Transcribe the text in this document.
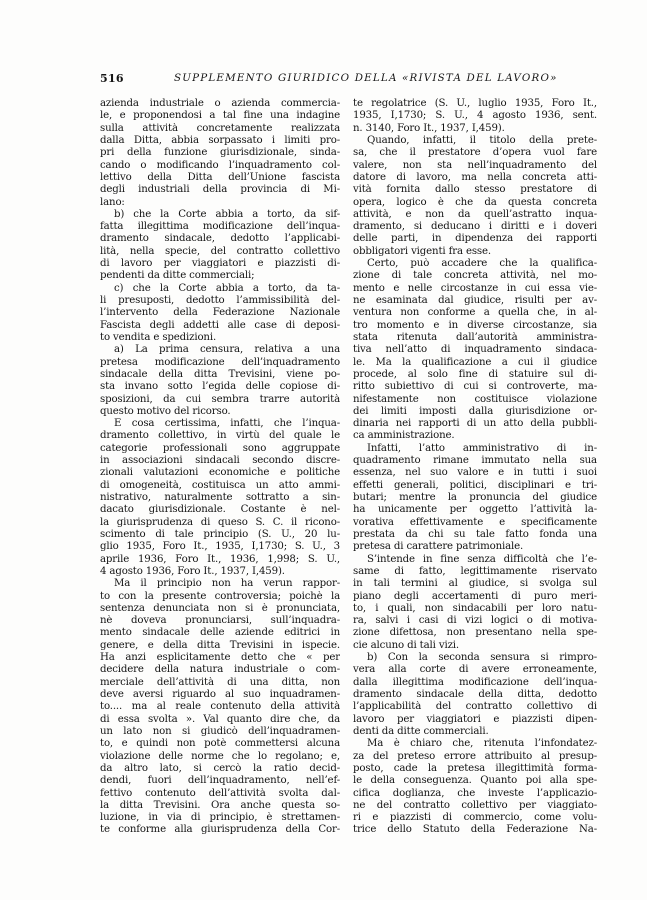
516	SUPPLEMENTO GIURIDICO DELLA «RIVISTA DEL LAVORO»
azienda industriale o azienda commercia-
le, e proponendosi a tal fine una indagine
sulla attività concretamente realizzata
dalla Ditta, abbia sorpassato i limiti pro-
pri della funzione giurisdizionale, sinda-
cando o modificando l’inquadramento col-
lettivo della Ditta dell’Unione fascista
degli industriali della provincia di Mi-
lano:
b) che la Corte abbia a torto, da sif-
fatta illegittima modificazione dell’inqua-
dramento sindacale, dedotto l’applicabi-
lità, nella specie, del contratto collettivo
di lavoro per viaggiatori e piazzisti di-
pendenti da ditte commerciali;
c) che la Corte abbia a torto, da ta-
li presuposti, dedotto l’ammissibilità del-
l’intervento della Federazione Nazionale
Fascista degli addetti alle case di deposi-
to vendita e spedizioni.
a) La prima censura, relativa a una
pretesa modificazione dell’inquadramento
sindacale della ditta Trevisini, viene po-
sta invano sotto l’egida delle copiose di-
sposizioni, da cui sembra trarre autorità
questo motivo del ricorso.
È cosa certissima, infatti, che l’inqua-
dramento collettivo, in virtù del quale le
categorie professionali sono aggruppate
in associazioni sindacali secondo discre-
zionali valutazioni economiche e politiche
di omogeneità, costituisca un atto ammi-
nistrativo, naturalmente sottratto a sin-
dacato giurisdizionale. Costante è nel-
la giurisprudenza di queso S. C. il ricono-
scimento di tale principio (S. U., 20 lu-
glio 1935, Foro It., 1935, I,1730; S. U., 3
aprile 1936, Foro It., 1936, 1,998; S. U.,
4 agosto 1936, Foro It., 1937, I,459).
Ma il principio non ha verun rappor-
to con la presente controversia; poichè la
sentenza denunciata non si è pronunciata,
nè doveva pronunciarsi, sull’inquadra-
mento sindacale delle aziende editrici in
genere, e della ditta Trevisini in ispecie.
Ha anzi esplicitamente detto che « per
decidere della natura industriale o com-
merciale dell’attività di una ditta, non
deve aversi riguardo al suo inquadramen-
to.... ma al reale contenuto della attività
di essa svolta ». Val quanto dire che, da
un lato non si giudicò dell’inquadramen-
to, e quindi non potè commettersi alcuna
violazione delle norme che lo regolano; e,
da altro lato, si cercò la ratio decid-
dendi, fuori dell’inquadramento, nell’ef-
fettivo contenuto dell’attività svolta dal-
la ditta Trevisini. Ora anche questa so-
luzione, in via di principio, è strettamen-
te conforme alla giurisprudenza della Cor-
te regolatrice (S. U., luglio 1935, Foro It.,
1935, I,1730; S. U., 4 agosto 1936, sent.
n. 3140, Foro It., 1937, I,459).
Quando, infatti, il titolo della prete-
sa, che il prestatore d’opera vuol fare
valere, non sta nell’inquadramento del
datore di lavoro, ma nella concreta atti-
vità fornita dallo stesso prestatore di
opera, logico è che da questa concreta
attività, e non da quell’astratto inqua-
dramento, si deducano i diritti e i doveri
delle parti, in dipendenza dei rapporti
obbligatori vigenti fra esse.
Certo, può accadere che la qualifica-
zione di tale concreta attività, nel mo-
mento e nelle circostanze in cui essa vie-
ne esaminata dal giudice, risulti per av-
ventura non conforme a quella che, in al-
tro momento e in diverse circostanze, sia
stata ritenuta dall’autorità amministra-
tiva nell’atto di inquadramento sindaca-
le. Ma la qualificazione a cui il giudice
procede, al solo fine di statuire sul di-
ritto subiettivo di cui si controverte, ma-
nifestamente non costituisce violazione
dei limiti imposti dalla giurisdizione or-
dinaria nei rapporti di un atto della pubbli-
ca amministrazione.
Infatti, l’atto amministrativo di in-
quadramento rimane immutato nella sua
essenza, nel suo valore e in tutti i suoi
effetti generali, politici, disciplinari e tri-
butari; mentre la pronuncia del giudice
ha unicamente per oggetto l’attività la-
vorativa effettivamente e specificamente
prestata da chi su tale fatto fonda una
pretesa di carattere patrimoniale.
S’intende in fine senza difficoltà che l’e-
same di fatto, legittimamente riservato
in tali termini al giudice, si svolga sul
piano degli accertamenti di puro meri-
to, i quali, non sindacabili per loro natu-
ra, salvi i casi di vizi logici o di motiva-
zione difettosa, non presentano nella spe-
cie alcuno di tali vizi.
b) Con la seconda sensura si rimpro-
vera alla corte di avere erroneamente,
dalla illegittima modificazione dell’inqua-
dramento sindacale della ditta, dedotto
l’applicabilità del contratto collettivo di
lavoro per viaggiatori e piazzisti dipen-
denti da ditte commerciali.
Ma è chiaro che, ritenuta l’infondatez-
za del preteso errore attribuito al presup-
posto, cade la pretesa illegittimità forma-
le della conseguenza. Quanto poi alla spe-
cifica doglianza, che investe l’applicazio-
ne del contratto collettivo per viaggiato-
ri e piazzisti di commercio, come volu-
trice dello Statuto della Federazione Na-
